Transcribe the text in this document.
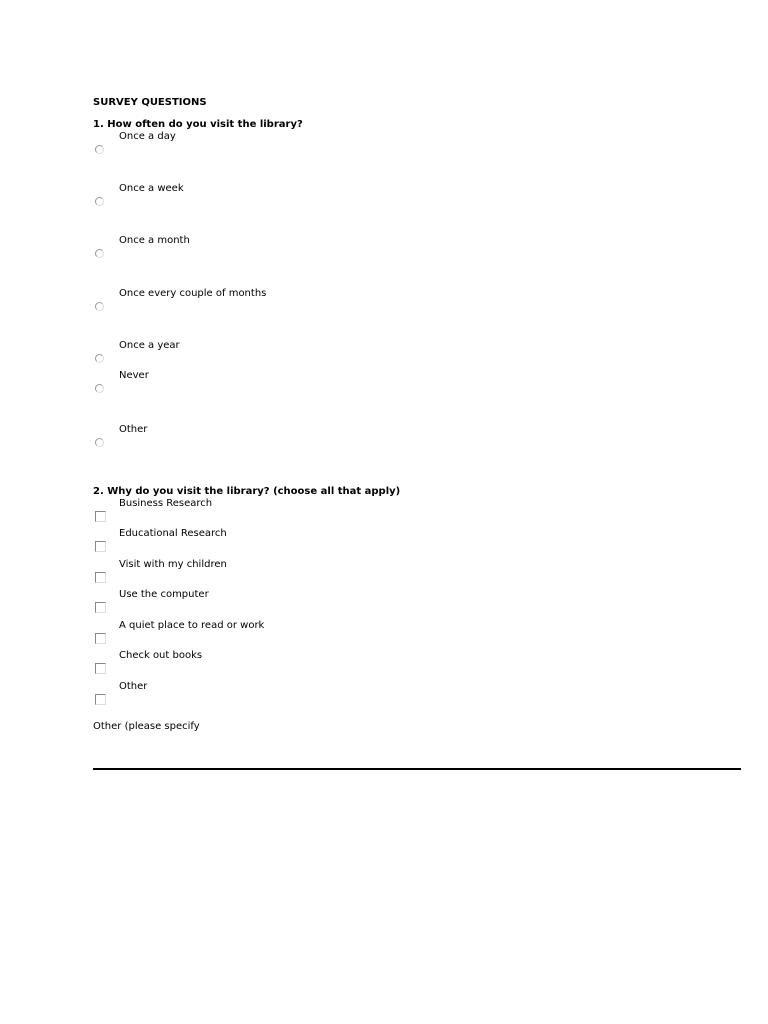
SURVEY QUESTIONS
1. How often do you visit the library?
Once a day
Once a week
Once a month
Once every couple of months
Once a year
Never
Other
2. Why do you visit the library? (choose all that apply)
Business Research
Educational Research
Visit with my children
Use the computer
A quiet place to read or work
Check out books
Other
Other (please specify
